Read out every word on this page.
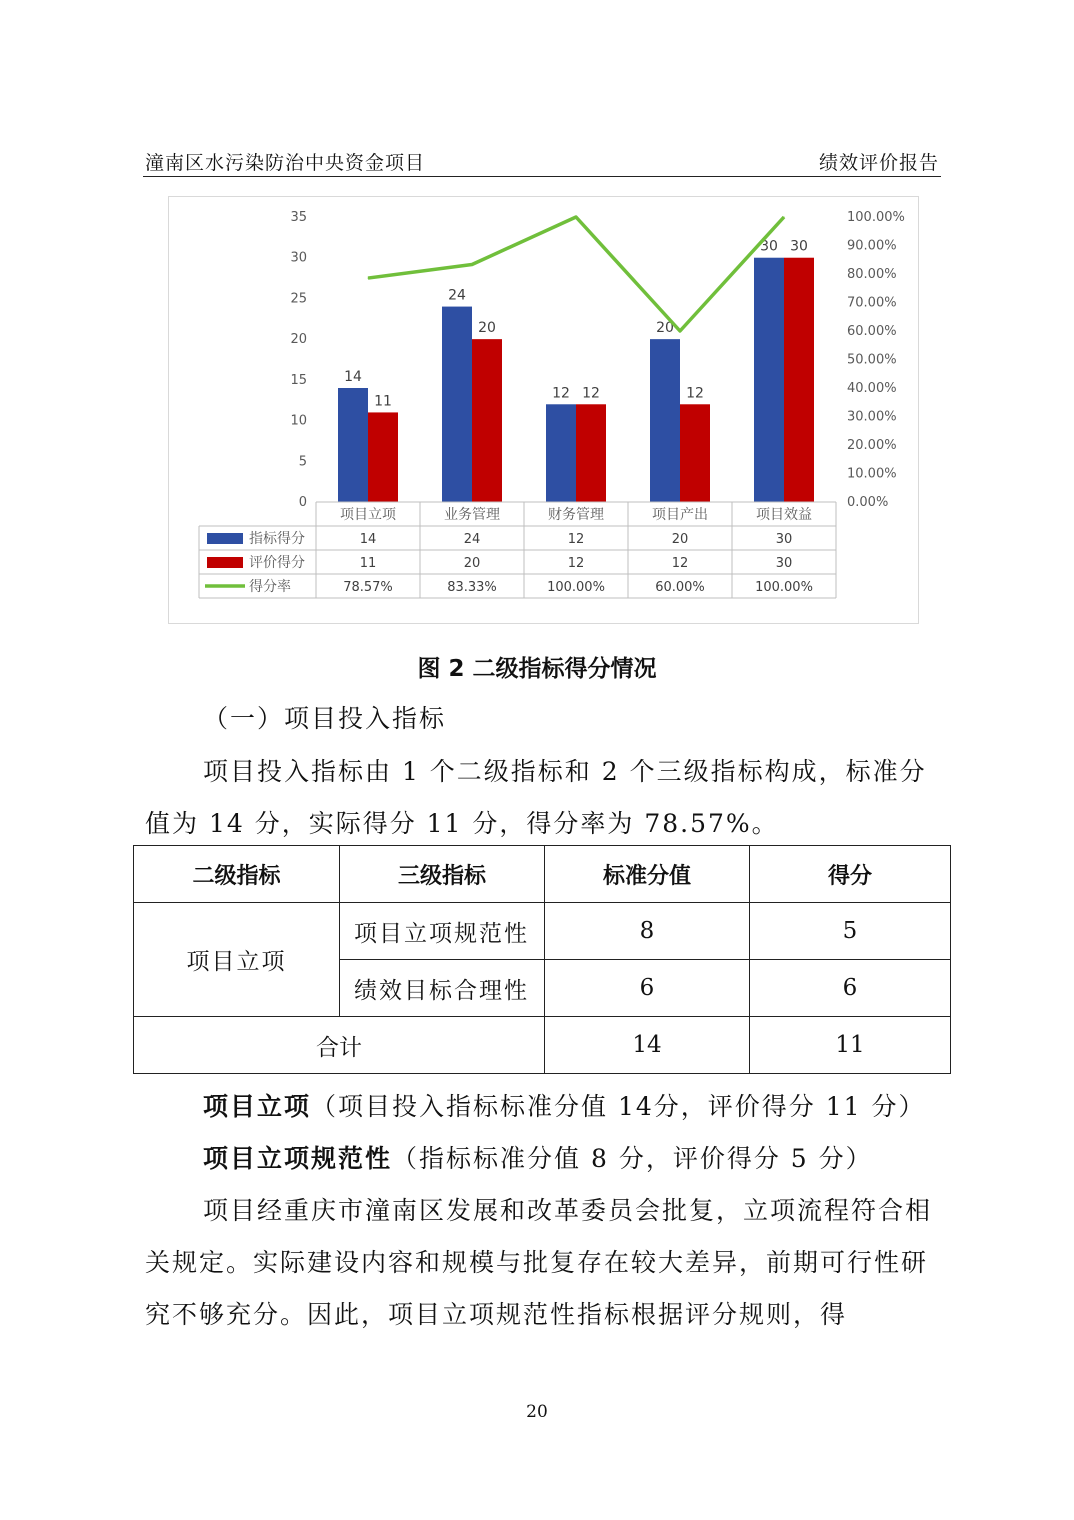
潼南区水污染防治中央资金项目	绩效评价报告
0
5
10
15
20
25
30
35
0.00%
10.00%
20.00%
30.00%
40.00%
50.00%
60.00%
70.00%
80.00%
90.00%
100.00%
14
11
24
20
12 12
20
12
30 30
项目立项	业务管理	财务管理	项目产出	项目效益
指标得分	14	24	12	20	30
评价得分	11	20	12	12	30
得分率	78.57%	83.33%	100.00%	60.00%	100.00%
图 2 二级指标得分情况
（一）项目投入指标
项目投入指标由 1 个二级指标和 2 个三级指标构成，标准分值为 14 分，实际得分 11 分，得分率为 78.57%。
二级指标	三级指标	标准分值	得分
项目立项	项目立项规范性	8	5
	绩效目标合理性	6	6
合计		14	11
项目立项（项目投入指标标准分值 14分，评价得分 11 分）
项目立项规范性（指标标准分值 8 分，评价得分 5 分）
项目经重庆市潼南区发展和改革委员会批复，立项流程符合相关规定。实际建设内容和规模与批复存在较大差异，前期可行性研究不够充分。因此，项目立项规范性指标根据评分规则，得
20
